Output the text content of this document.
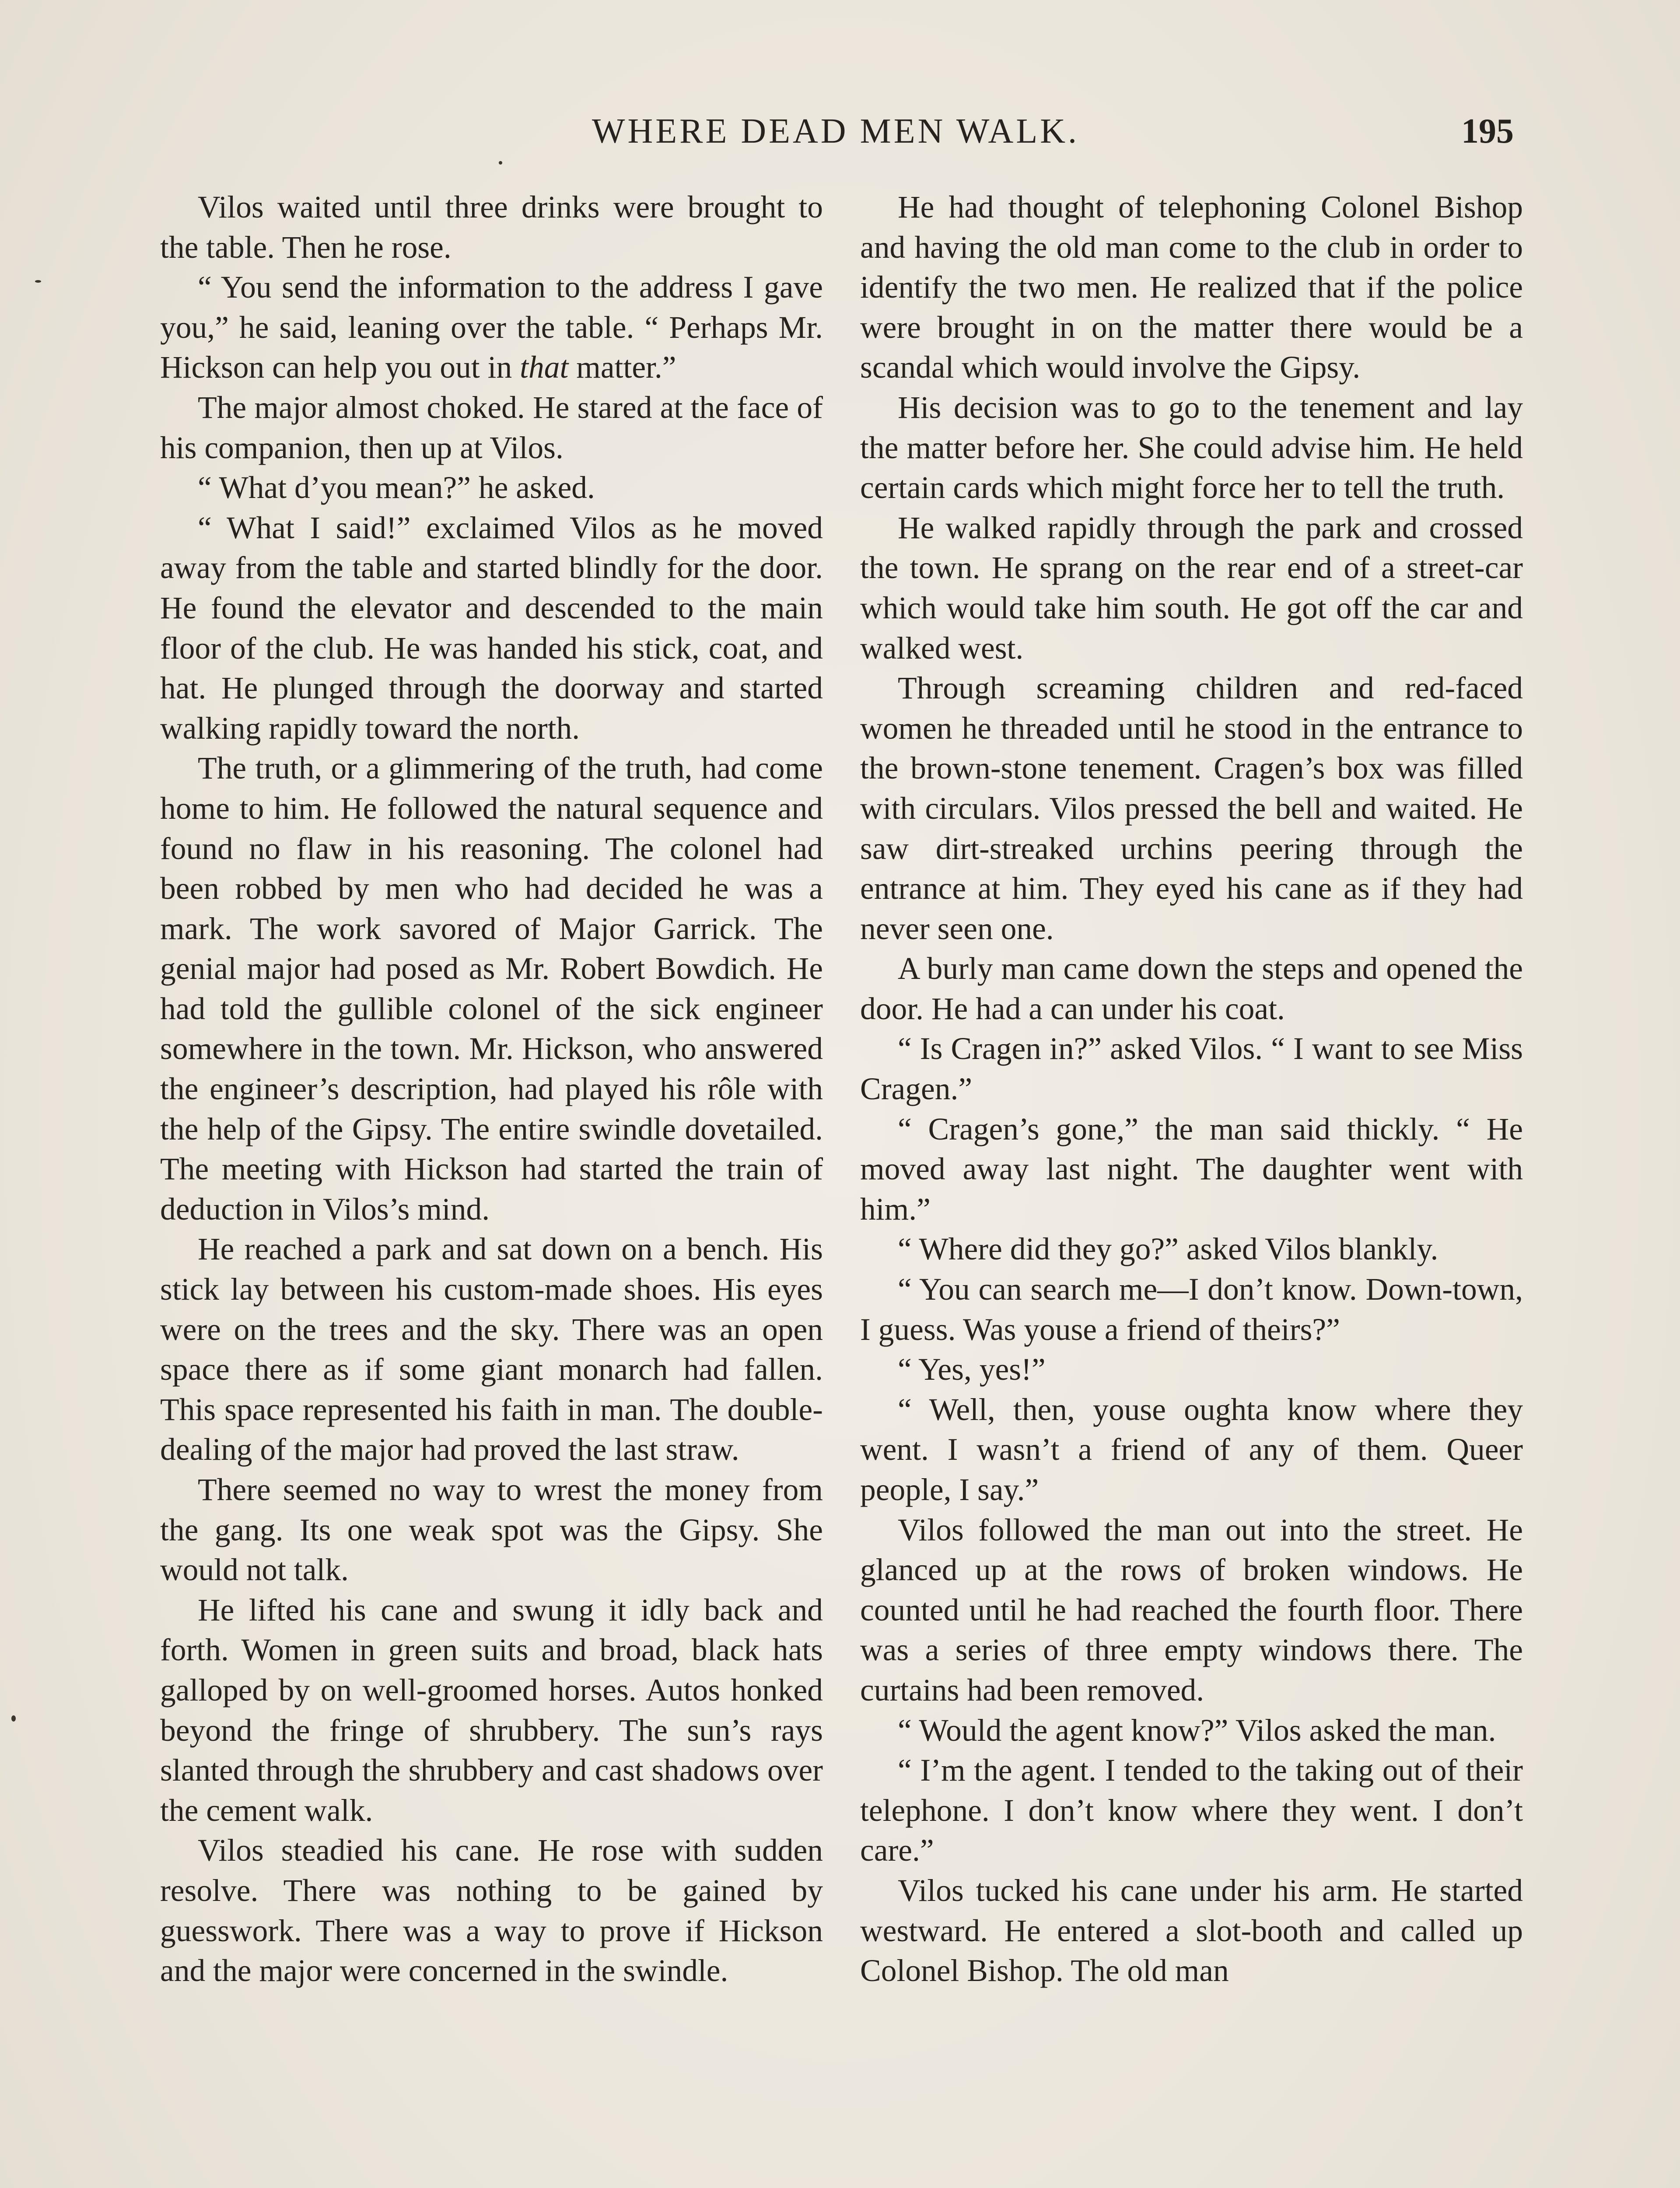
WHERE DEAD MEN WALK.	195

Vilos waited until three drinks were brought to the table. Then he rose.

“ You send the information to the address I gave you,” he said, leaning over the table. “ Perhaps Mr. Hickson can help you out in that matter.”

The major almost choked. He stared at the face of his companion, then up at Vilos.

“ What d’you mean?” he asked.

“ What I said!” exclaimed Vilos as he moved away from the table and started blindly for the door. He found the elevator and descended to the main floor of the club. He was handed his stick, coat, and hat. He plunged through the doorway and started walking rapidly toward the north.

The truth, or a glimmering of the truth, had come home to him. He followed the natural sequence and found no flaw in his reasoning. The colonel had been robbed by men who had decided he was a mark. The work savored of Major Garrick. The genial major had posed as Mr. Robert Bowdich. He had told the gullible colonel of the sick engineer somewhere in the town. Mr. Hickson, who answered the engineer’s description, had played his rôle with the help of the Gipsy. The entire swindle dovetailed. The meeting with Hickson had started the train of deduction in Vilos’s mind.

He reached a park and sat down on a bench. His stick lay between his custom-made shoes. His eyes were on the trees and the sky. There was an open space there as if some giant monarch had fallen. This space represented his faith in man. The double-dealing of the major had proved the last straw.

There seemed no way to wrest the money from the gang. Its one weak spot was the Gipsy. She would not talk.

He lifted his cane and swung it idly back and forth. Women in green suits and broad, black hats galloped by on well-groomed horses. Autos honked beyond the fringe of shrubbery. The sun’s rays slanted through the shrubbery and cast shadows over the cement walk.

Vilos steadied his cane. He rose with sudden resolve. There was nothing to be gained by guesswork. There was a way to prove if Hickson and the major were concerned in the swindle.

He had thought of telephoning Colonel Bishop and having the old man come to the club in order to identify the two men. He realized that if the police were brought in on the matter there would be a scandal which would involve the Gipsy.

His decision was to go to the tenement and lay the matter before her. She could advise him. He held certain cards which might force her to tell the truth.

He walked rapidly through the park and crossed the town. He sprang on the rear end of a street-car which would take him south. He got off the car and walked west.

Through screaming children and red-faced women he threaded until he stood in the entrance to the brown-stone tenement. Cragen’s box was filled with circulars. Vilos pressed the bell and waited. He saw dirt-streaked urchins peering through the entrance at him. They eyed his cane as if they had never seen one.

A burly man came down the steps and opened the door. He had a can under his coat.

“ Is Cragen in?” asked Vilos. “ I want to see Miss Cragen.”

“ Cragen’s gone,” the man said thickly. “ He moved away last night. The daughter went with him.”

“ Where did they go?” asked Vilos blankly.

“ You can search me—I don’t know. Down-town, I guess. Was youse a friend of theirs?”

“ Yes, yes!”

“ Well, then, youse oughta know where they went. I wasn’t a friend of any of them. Queer people, I say.”

Vilos followed the man out into the street. He glanced up at the rows of broken windows. He counted until he had reached the fourth floor. There was a series of three empty windows there. The curtains had been removed.

“ Would the agent know?” Vilos asked the man.

“ I’m the agent. I tended to the taking out of their telephone. I don’t know where they went. I don’t care.”

Vilos tucked his cane under his arm. He started westward. He entered a slot-booth and called up Colonel Bishop. The old man
